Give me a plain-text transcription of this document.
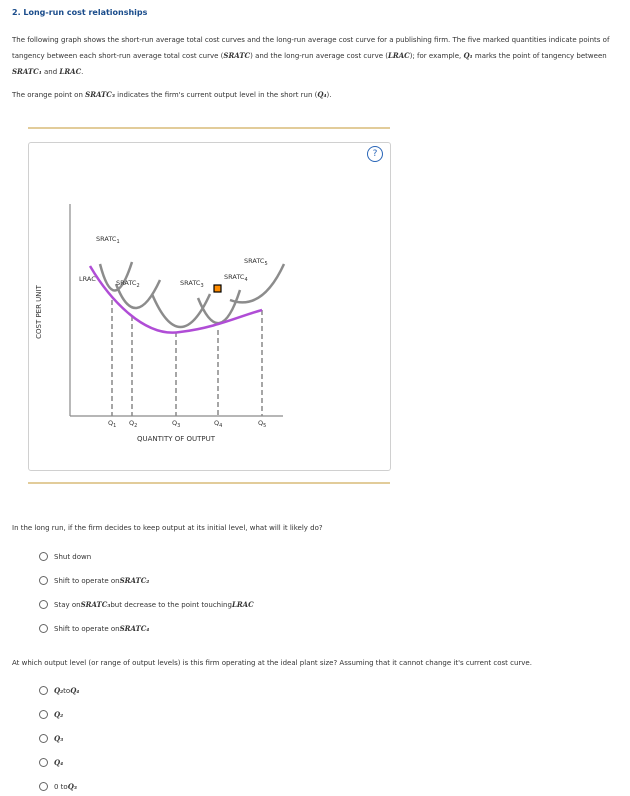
2. Long-run cost relationships
The following graph shows the short-run average total cost curves and the long-run average cost curve for a publishing firm. The five marked quantities indicate points of tangency between each short-run average total cost curve (SRATC) and the long-run average cost curve (LRAC); for example, Q₁ marks the point of tangency between SRATC₁ and LRAC.
The orange point on SRATC₃ indicates the firm's current output level in the short run (Q₄).
?
COST PER UNIT
QUANTITY OF OUTPUT
$SRATC_1$
LRAC	$SRATC_2$	$SRATC_3$
$SRATC_4$
$SRATC_5$
$Q_1$ $Q_2$	$Q_3$	$Q_4$	$Q_5$
In the long run, if the firm decides to keep output at its initial level, what will it likely do?
Shut down
Shift to operate on SRATC₂
Stay on SRATC₃ but decrease to the point touching LRAC
Shift to operate on SRATC₄
At which output level (or range of output levels) is this firm operating at the ideal plant size? Assuming that it cannot change it's current cost curve.
Q₂ to Q₄
Q₂
Q₃
Q₄
0 to Q₃
